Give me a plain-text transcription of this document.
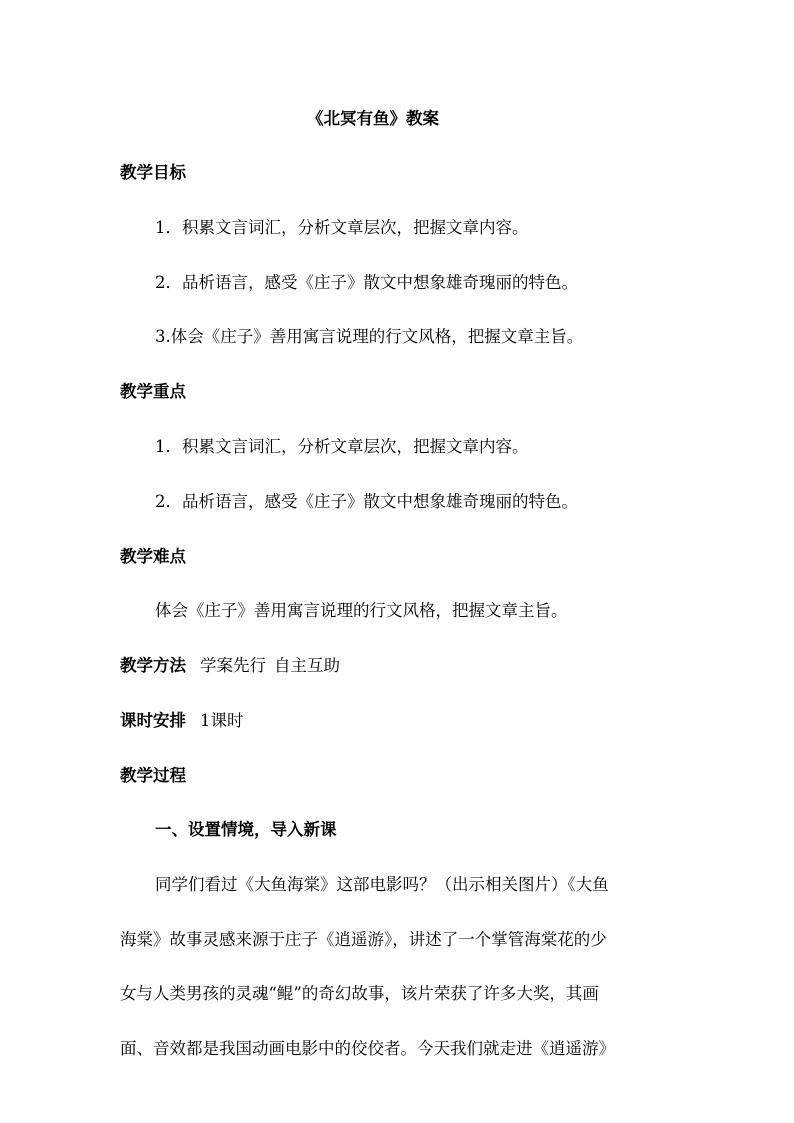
《北冥有鱼》教案
教学目标
1．积累文言词汇，分析文章层次，把握文章内容。
2．品析语言，感受《庄子》散文中想象雄奇瑰丽的特色。
3.体会《庄子》善用寓言说理的行文风格，把握文章主旨。
教学重点
1．积累文言词汇，分析文章层次，把握文章内容。
2．品析语言，感受《庄子》散文中想象雄奇瑰丽的特色。
教学难点
体会《庄子》善用寓言说理的行文风格，把握文章主旨。
教学方法 学案先行 自主互助
课时安排 1课时
教学过程
一、设置情境，导入新课
同学们看过《大鱼海棠》这部电影吗？（出示相关图片）《大鱼
海棠》故事灵感来源于庄子《逍遥游》，讲述了一个掌管海棠花的少
女与人类男孩的灵魂“鲲”的奇幻故事，该片荣获了许多大奖，其画
面、音效都是我国动画电影中的佼佼者。今天我们就走进《逍遥游》
